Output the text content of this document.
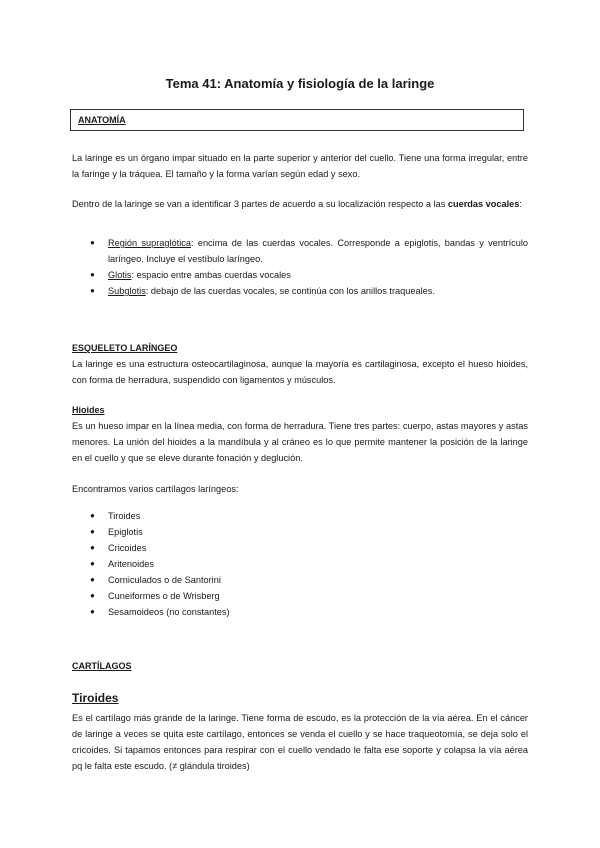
Tema 41: Anatomía y fisiología de la laringe
ANATOMÍA
La laringe es un órgano impar situado en la parte superior y anterior del cuello. Tiene una forma irregular, entre la faringe y la tráquea. El tamaño y la forma varían según edad y sexo.
Dentro de la laringe se van a identificar 3 partes de acuerdo a su localización respecto a las cuerdas vocales:
● Región supraglótica: encima de las cuerdas vocales. Corresponde a epiglotis, bandas y ventrículo laríngeo. Incluye el vestíbulo laríngeo.
● Glotis: espacio entre ambas cuerdas vocales
● Subglotis: debajo de las cuerdas vocales, se continúa con los anillos traqueales.
ESQUELETO LARÍNGEO
La laringe es una estructura osteocartilaginosa, aunque la mayoría es cartilaginosa, excepto el hueso hioides, con forma de herradura, suspendido con ligamentos y músculos.
Hioides
Es un hueso impar en la línea media, con forma de herradura. Tiene tres partes: cuerpo, astas mayores y astas menores. La unión del hioides a la mandíbula y al cráneo es lo que permite mantener la posición de la laringe en el cuello y que se eleve durante fonación y deglución.
Encontramos varios cartílagos laríngeos:
● Tiroides
● Epiglotis
● Cricoides
● Aritenoides
● Corniculados o de Santorini
● Cuneiformes o de Wrisberg
● Sesamoideos (no constantes)
CARTÍLAGOS
Tiroides
Es el cartílago más grande de la laringe. Tiene forma de escudo, es la protección de la vía aérea. En el cáncer de laringe a veces se quita este cartílago, entonces se venda el cuello y se hace traqueotomía, se deja solo el cricoides. Si tapamos entonces para respirar con el cuello vendado le falta ese soporte y colapsa la vía aérea pq le falta este escudo. (≠ glándula tiroides)
